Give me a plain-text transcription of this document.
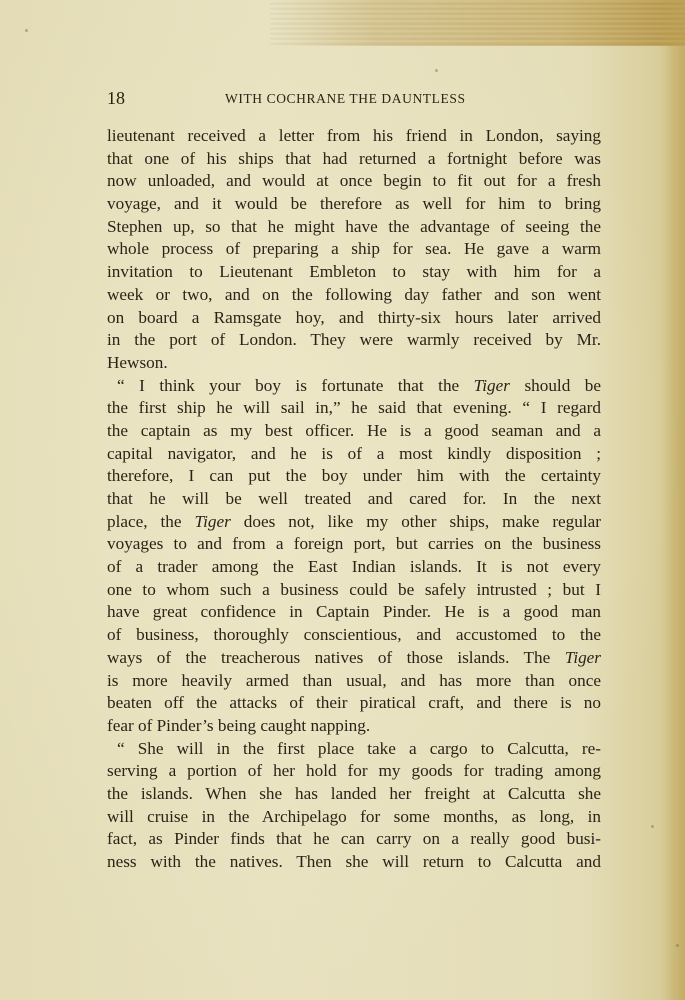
18	WITH COCHRANE THE DAUNTLESS
lieutenant received a letter from his friend in London, saying
that one of his ships that had returned a fortnight before was
now unloaded, and would at once begin to fit out for a fresh
voyage, and it would be therefore as well for him to bring
Stephen up, so that he might have the advantage of seeing the
whole process of preparing a ship for sea. He gave a warm
invitation to Lieutenant Embleton to stay with him for a
week or two, and on the following day father and son went
on board a Ramsgate hoy, and thirty-six hours later arrived
in the port of London. They were warmly received by Mr.
Hewson.
“ I think your boy is fortunate that the Tiger should be
the first ship he will sail in,” he said that evening. “ I regard
the captain as my best officer. He is a good seaman and a
capital navigator, and he is of a most kindly disposition ;
therefore, I can put the boy under him with the certainty
that he will be well treated and cared for. In the next
place, the Tiger does not, like my other ships, make regular
voyages to and from a foreign port, but carries on the business
of a trader among the East Indian islands. It is not every
one to whom such a business could be safely intrusted ; but I
have great confidence in Captain Pinder. He is a good man
of business, thoroughly conscientious, and accustomed to the
ways of the treacherous natives of those islands. The Tiger
is more heavily armed than usual, and has more than once
beaten off the attacks of their piratical craft, and there is no
fear of Pinder’s being caught napping.
“ She will in the first place take a cargo to Calcutta, re-
serving a portion of her hold for my goods for trading among
the islands. When she has landed her freight at Calcutta she
will cruise in the Archipelago for some months, as long, in
fact, as Pinder finds that he can carry on a really good busi-
ness with the natives. Then she will return to Calcutta and
